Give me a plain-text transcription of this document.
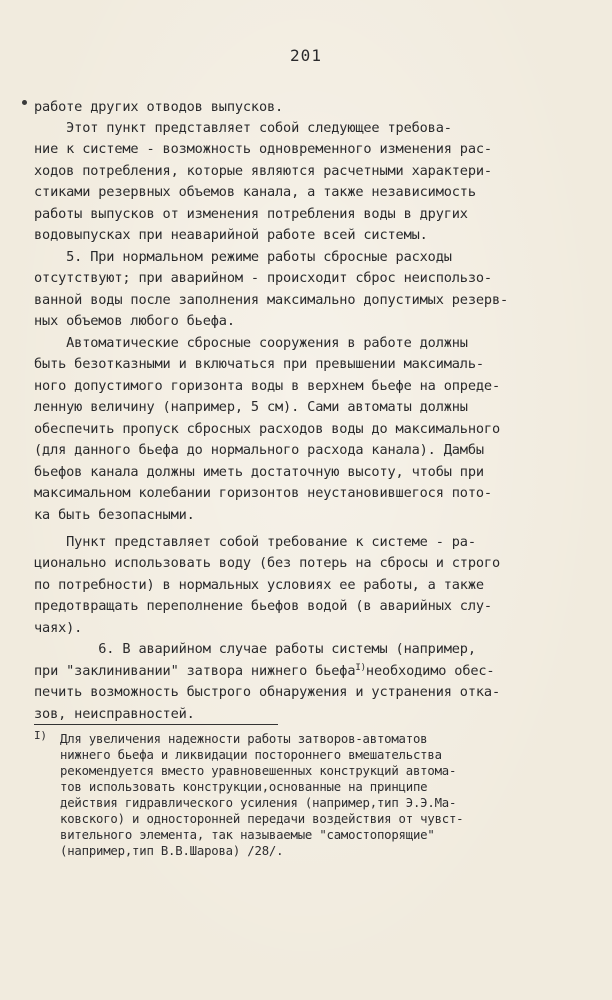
201
работе других отводов выпусков.
Этот пункт представляет собой следующее требова-
ние к системе - возможность одновременного изменения рас-
ходов потребления, которые являются расчетными характери-
стиками резервных объемов канала, а также независимость
работы выпусков от изменения потребления воды в других
водовыпусках при неаварийной работе всей системы.
5. При нормальном режиме работы сбросные расходы
отсутствуют; при аварийном - происходит сброс неиспользо-
ванной воды после заполнения максимально допустимых резерв-
ных объемов любого бьефа.
Автоматические сбросные сооружения в работе должны
быть безотказными и включаться при превышении максималь-
ного допустимого горизонта воды в верхнем бьефе на опреде-
ленную величину (например, 5 см). Сами автоматы должны
обеспечить пропуск сбросных расходов воды до максимального
(для данного бьефа до нормального расхода канала). Дамбы
бьефов канала должны иметь достаточную высоту, чтобы при
максимальном колебании горизонтов неустановившегося пото-
ка быть безопасными.
Пункт представляет собой требование к системе - ра-
ционально использовать воду (без потерь на сбросы и строго
по потребности) в нормальных условиях ее работы, а также
предотвращать переполнение бьефов водой (в аварийных слу-
чаях).
6. В аварийном случае работы системы (например,
при "заклинивании" затвора нижнего бьефа$^{I)}$необходимо обес-
печить возможность быстрого обнаружения и устранения отка-
зов, неисправностей.
I) Для увеличения надежности работы затворов-автоматов
нижнего бьефа и ликвидации постороннего вмешательства
рекомендуется вместо уравновешенных конструкций автома-
тов использовать конструкции,основанные на принципе
действия гидравлического усиления (например,тип Э.Э.Ма-
ковского) и односторонней передачи воздействия от чувст-
вительного элемента, так называемые "самостопорящие"
(например,тип В.В.Шарова) /28/.
